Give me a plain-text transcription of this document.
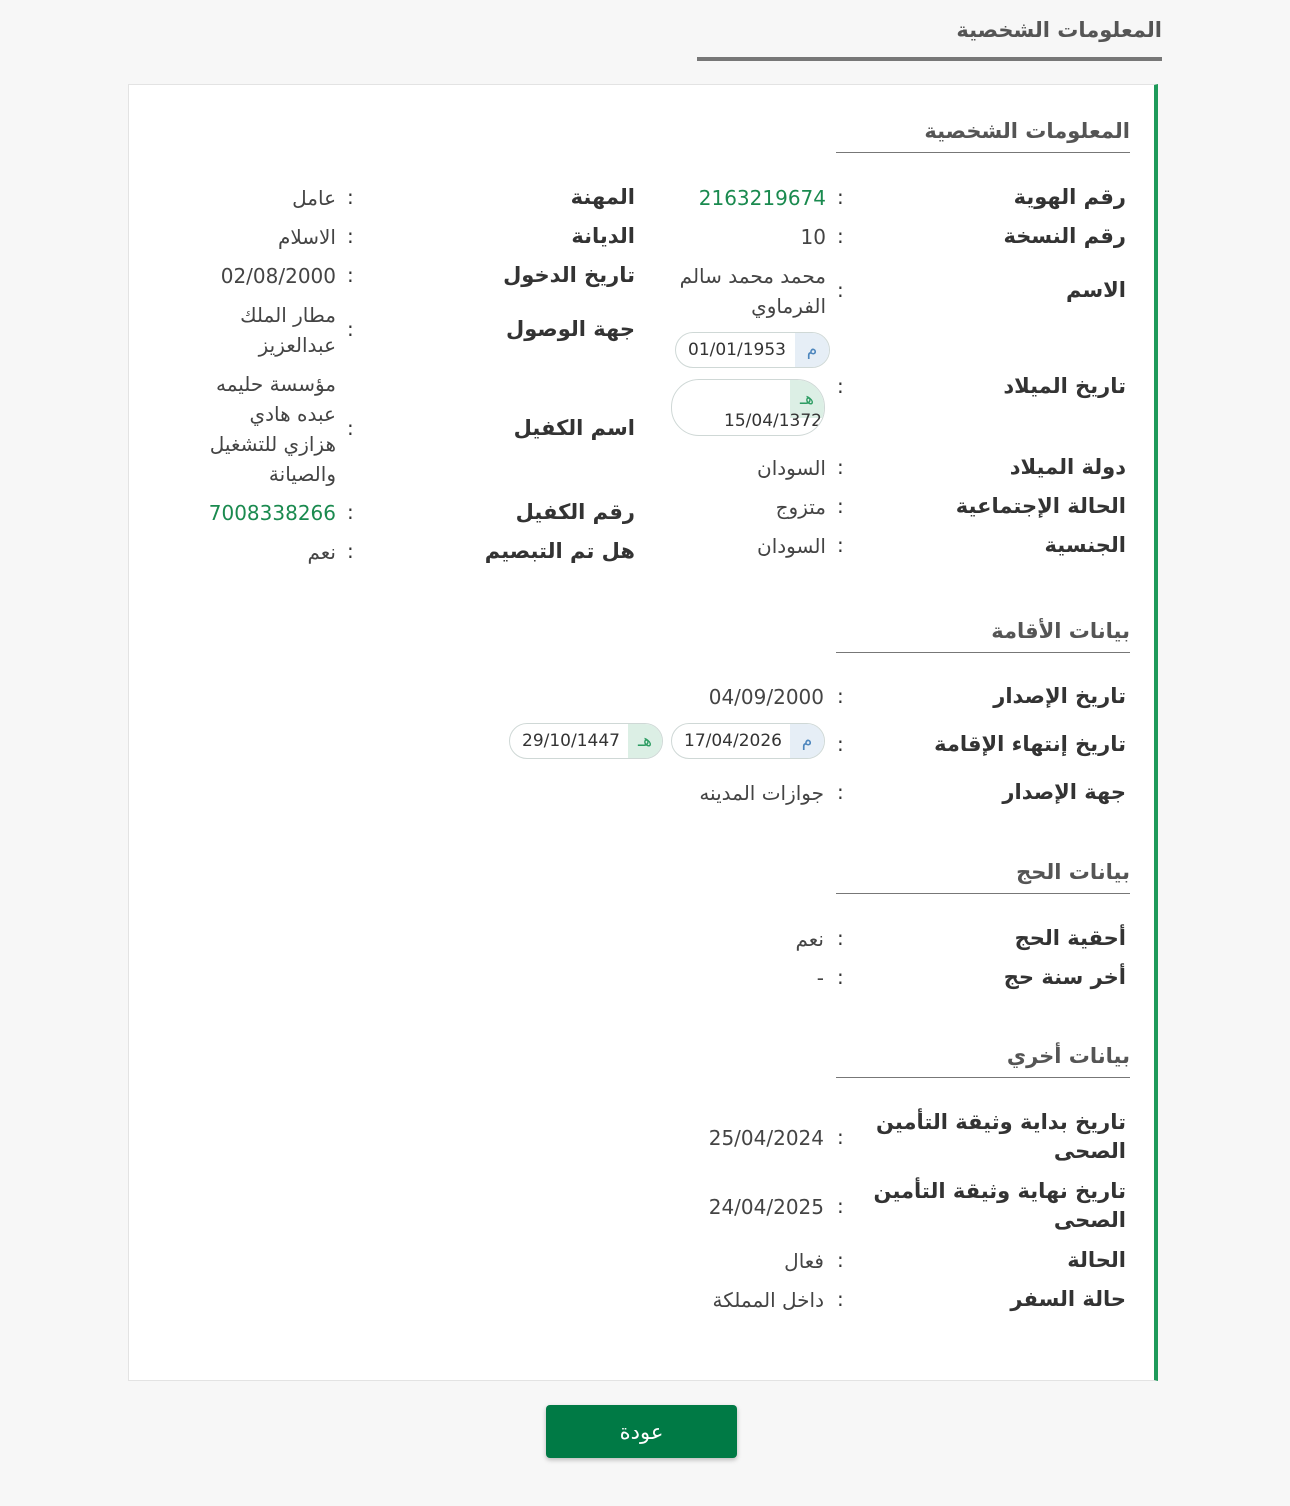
المعلومات الشخصية
المعلومات الشخصية
رقم الهوية
:
2163219674
رقم النسخة
:
10
الاسم
:
محمد محمد سالم
الفرماوي
م
01/01/1953
تاريخ الميلاد
:
هـ
15/04/1372
دولة الميلاد
:
السودان
الحالة الإجتماعية
:
متزوج
الجنسية
:
السودان
المهنة
:
عامل
الديانة
:
الاسلام
تاريخ الدخول
:
02/08/2000
جهة الوصول
:
مطار الملك
عبدالعزيز
اسم الكفيل
:
مؤسسة حليمه
عبده هادي
هزازي للتشغيل
والصيانة
رقم الكفيل
:
7008338266
هل تم التبصيم
:
نعم
بيانات الأقامة
تاريخ الإصدار
:
04/09/2000
تاريخ إنتهاء الإقامة
:
م
17/04/2026
هـ
29/10/1447
جهة الإصدار
:
جوازات المدينه
بيانات الحج
أحقية الحج
:
نعم
أخر سنة حج
:
-
بيانات أخري
تاريخ بداية وثيقة التأمين
الصحى
:
25/04/2024
تاريخ نهاية وثيقة التأمين
الصحى
:
24/04/2025
الحالة
:
فعال
حالة السفر
:
داخل المملكة
عودة
